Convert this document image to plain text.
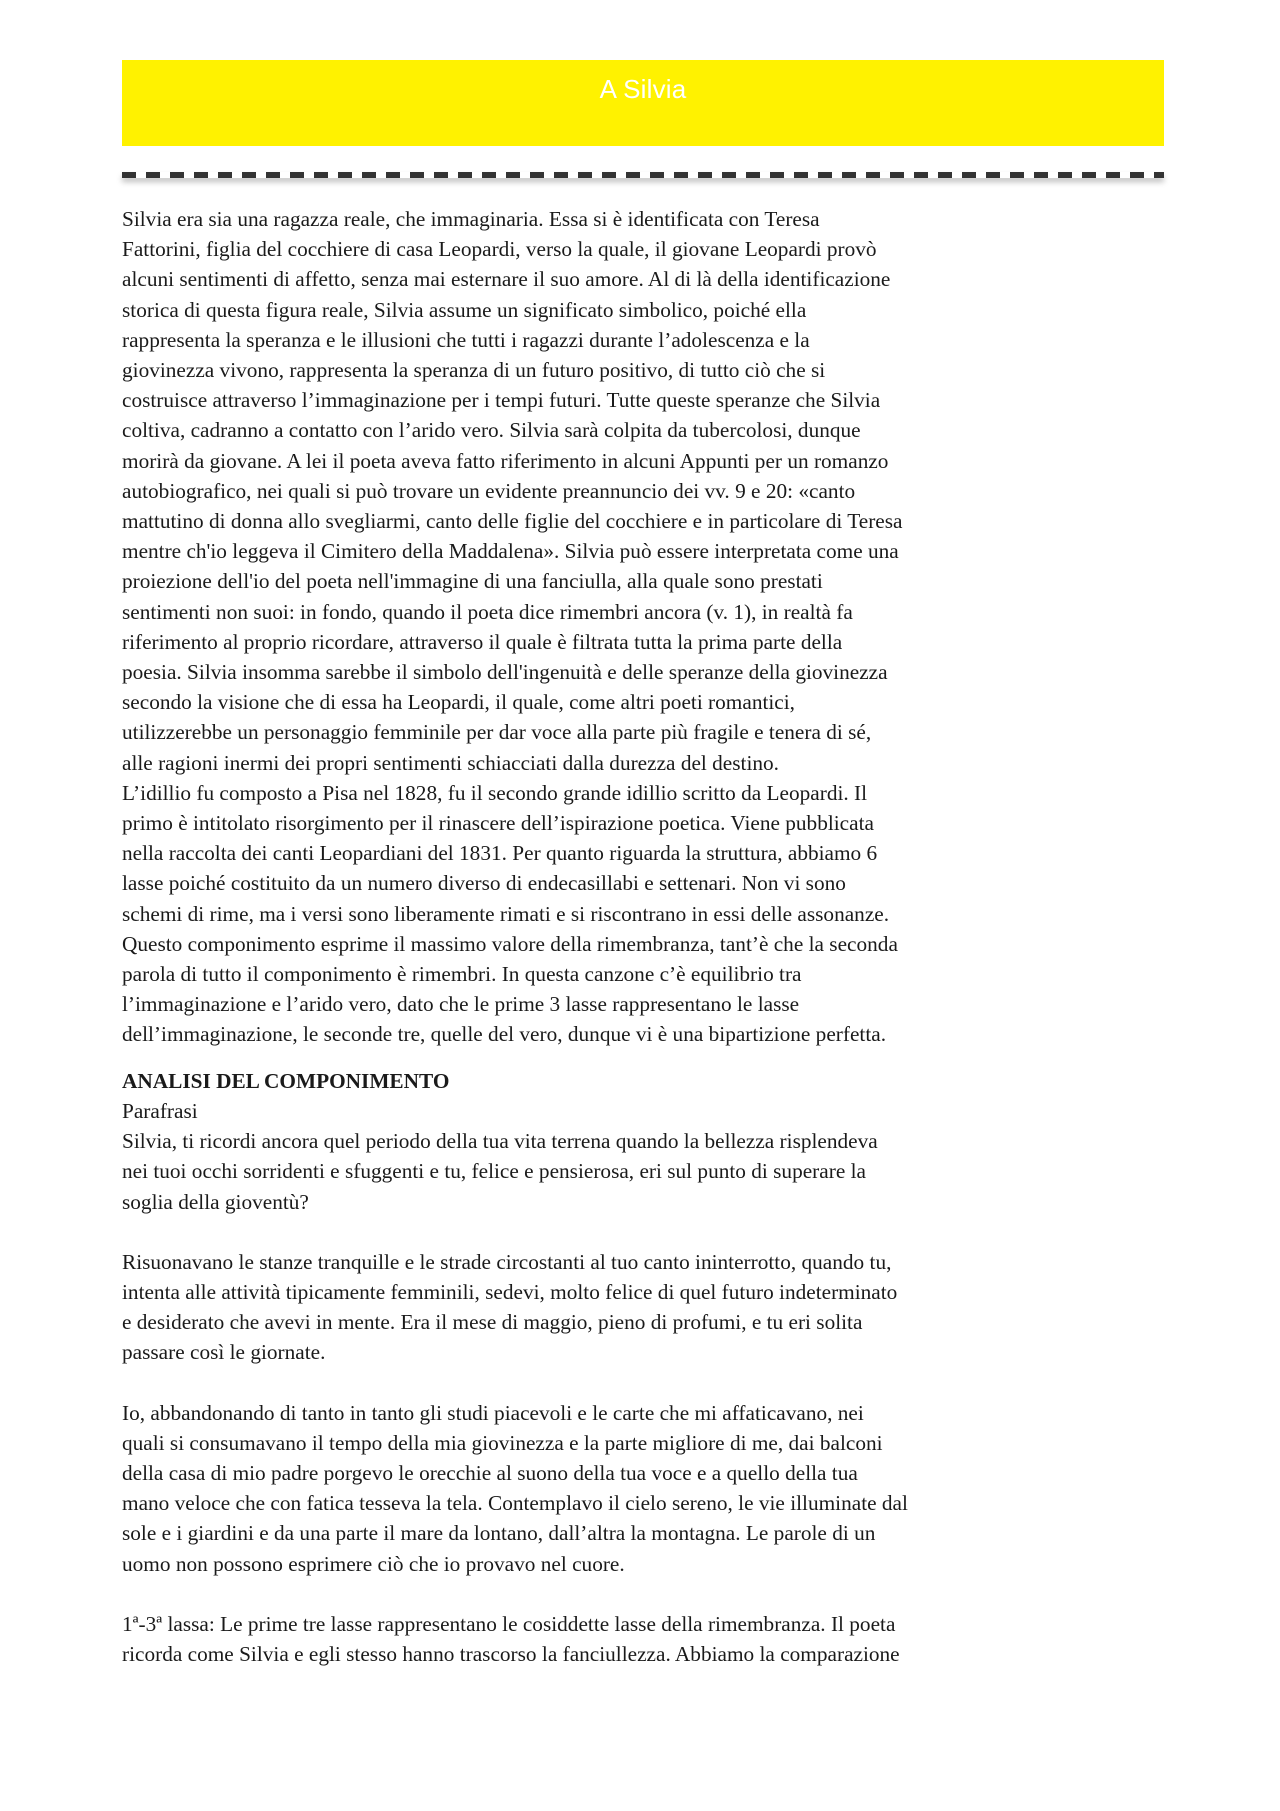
A Silvia

Silvia era sia una ragazza reale, che immaginaria. Essa si è identificata con Teresa

Fattorini, figlia del cocchiere di casa Leopardi, verso la quale, il giovane Leopardi provò

alcuni sentimenti di affetto, senza mai esternare il suo amore. Al di là della identificazione

storica di questa figura reale, Silvia assume un significato simbolico, poiché ella

rappresenta la speranza e le illusioni che tutti i ragazzi durante l’adolescenza e la

giovinezza vivono, rappresenta la speranza di un futuro positivo, di tutto ciò che si

costruisce attraverso l’immaginazione per i tempi futuri. Tutte queste speranze che Silvia

coltiva, cadranno a contatto con l’arido vero. Silvia sarà colpita da tubercolosi, dunque

morirà da giovane. A lei il poeta aveva fatto riferimento in alcuni Appunti per un romanzo

autobiografico, nei quali si può trovare un evidente preannuncio dei vv. 9 e 20: «canto

mattutino di donna allo svegliarmi, canto delle figlie del cocchiere e in particolare di Teresa

mentre ch'io leggeva il Cimitero della Maddalena». Silvia può essere interpretata come una

proiezione dell'io del poeta nell'immagine di una fanciulla, alla quale sono prestati

sentimenti non suoi: in fondo, quando il poeta dice rimembri ancora (v. 1), in realtà fa

riferimento al proprio ricordare, attraverso il quale è filtrata tutta la prima parte della

poesia. Silvia insomma sarebbe il simbolo dell'ingenuità e delle speranze della giovinezza

secondo la visione che di essa ha Leopardi, il quale, come altri poeti romantici,

utilizzerebbe un personaggio femminile per dar voce alla parte più fragile e tenera di sé,

alle ragioni inermi dei propri sentimenti schiacciati dalla durezza del destino.

L’idillio fu composto a Pisa nel 1828, fu il secondo grande idillio scritto da Leopardi. Il

primo è intitolato risorgimento per il rinascere dell’ispirazione poetica. Viene pubblicata

nella raccolta dei canti Leopardiani del 1831. Per quanto riguarda la struttura, abbiamo 6

lasse poiché costituito da un numero diverso di endecasillabi e settenari. Non vi sono

schemi di rime, ma i versi sono liberamente rimati e si riscontrano in essi delle assonanze.

Questo componimento esprime il massimo valore della rimembranza, tant’è che la seconda

parola di tutto il componimento è rimembri. In questa canzone c’è equilibrio tra

l’immaginazione e l’arido vero, dato che le prime 3 lasse rappresentano le lasse

dell’immaginazione, le seconde tre, quelle del vero, dunque vi è una bipartizione perfetta.

ANALISI DEL COMPONIMENTO

Parafrasi

Silvia, ti ricordi ancora quel periodo della tua vita terrena quando la bellezza risplendeva

nei tuoi occhi sorridenti e sfuggenti e tu, felice e pensierosa, eri sul punto di superare la

soglia della gioventù?

Risuonavano le stanze tranquille e le strade circostanti al tuo canto ininterrotto, quando tu,

intenta alle attività tipicamente femminili, sedevi, molto felice di quel futuro indeterminato

e desiderato che avevi in mente. Era il mese di maggio, pieno di profumi, e tu eri solita

passare così le giornate.

Io, abbandonando di tanto in tanto gli studi piacevoli e le carte che mi affaticavano, nei

quali si consumavano il tempo della mia giovinezza e la parte migliore di me, dai balconi

della casa di mio padre porgevo le orecchie al suono della tua voce e a quello della tua

mano veloce che con fatica tesseva la tela. Contemplavo il cielo sereno, le vie illuminate dal

sole e i giardini e da una parte il mare da lontano, dall’altra la montagna. Le parole di un

uomo non possono esprimere ciò che io provavo nel cuore.

1ª-3ª lassa: Le prime tre lasse rappresentano le cosiddette lasse della rimembranza. Il poeta

ricorda come Silvia e egli stesso hanno trascorso la fanciullezza. Abbiamo la comparazione
